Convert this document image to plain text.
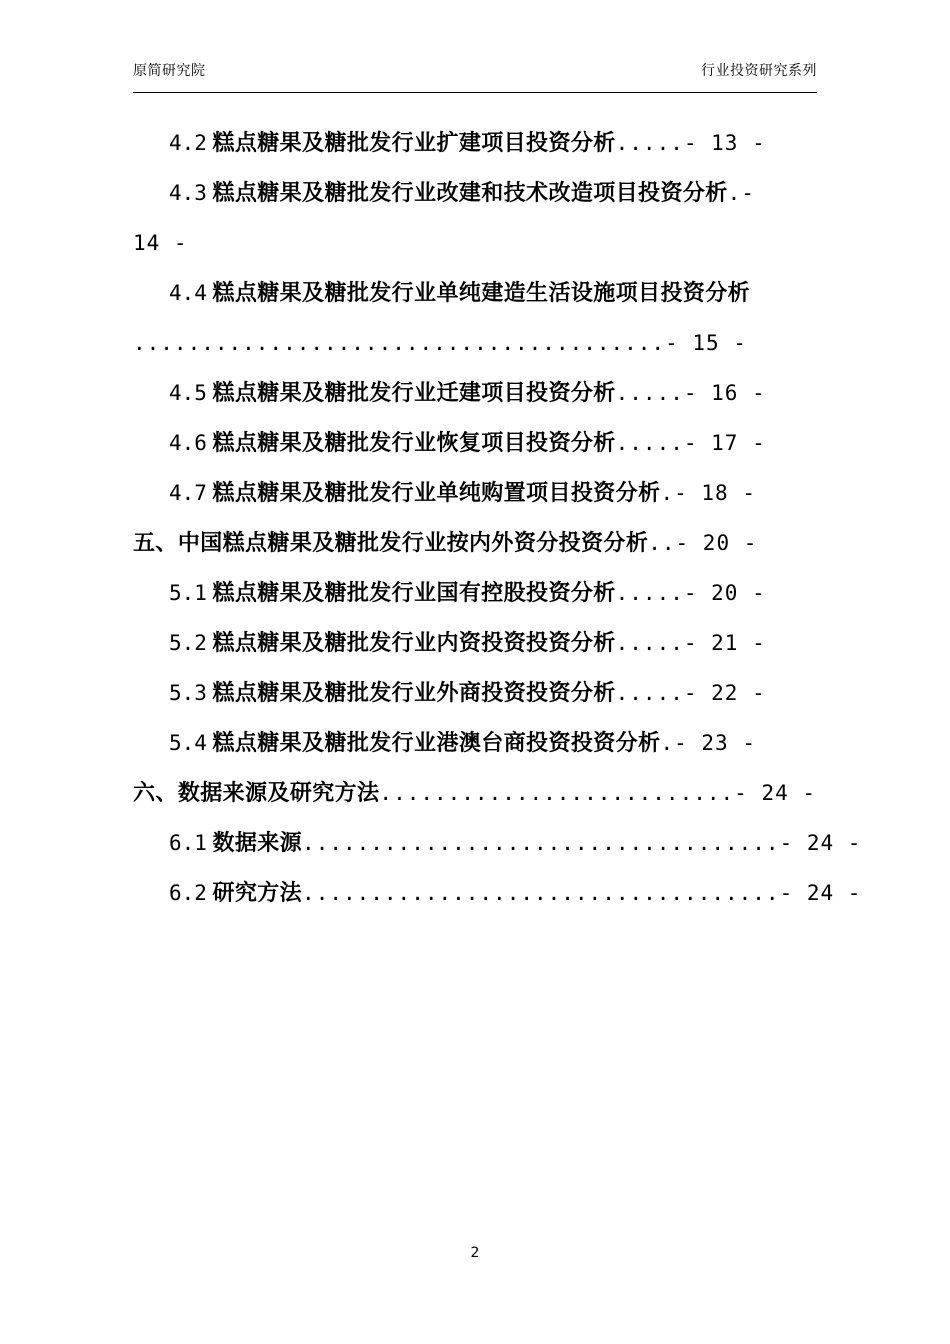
原简研究院	行业投资研究系列
4.2 糕点糖果及糖批发行业扩建项目投资分析.....- 13 -
4.3 糕点糖果及糖批发行业改建和技术改造项目投资分析.-
14 -
4.4 糕点糖果及糖批发行业单纯建造生活设施项目投资分析
.......................................- 15 -
4.5 糕点糖果及糖批发行业迁建项目投资分析.....- 16 -
4.6 糕点糖果及糖批发行业恢复项目投资分析.....- 17 -
4.7 糕点糖果及糖批发行业单纯购置项目投资分析.- 18 -
五、中国糕点糖果及糖批发行业按内外资分投资分析..- 20 -
5.1 糕点糖果及糖批发行业国有控股投资分析.....- 20 -
5.2 糕点糖果及糖批发行业内资投资投资分析.....- 21 -
5.3 糕点糖果及糖批发行业外商投资投资分析.....- 22 -
5.4 糕点糖果及糖批发行业港澳台商投资投资分析.- 23 -
六、数据来源及研究方法..........................- 24 -
6.1 数据来源...................................- 24 -
6.2 研究方法...................................- 24 -
2
